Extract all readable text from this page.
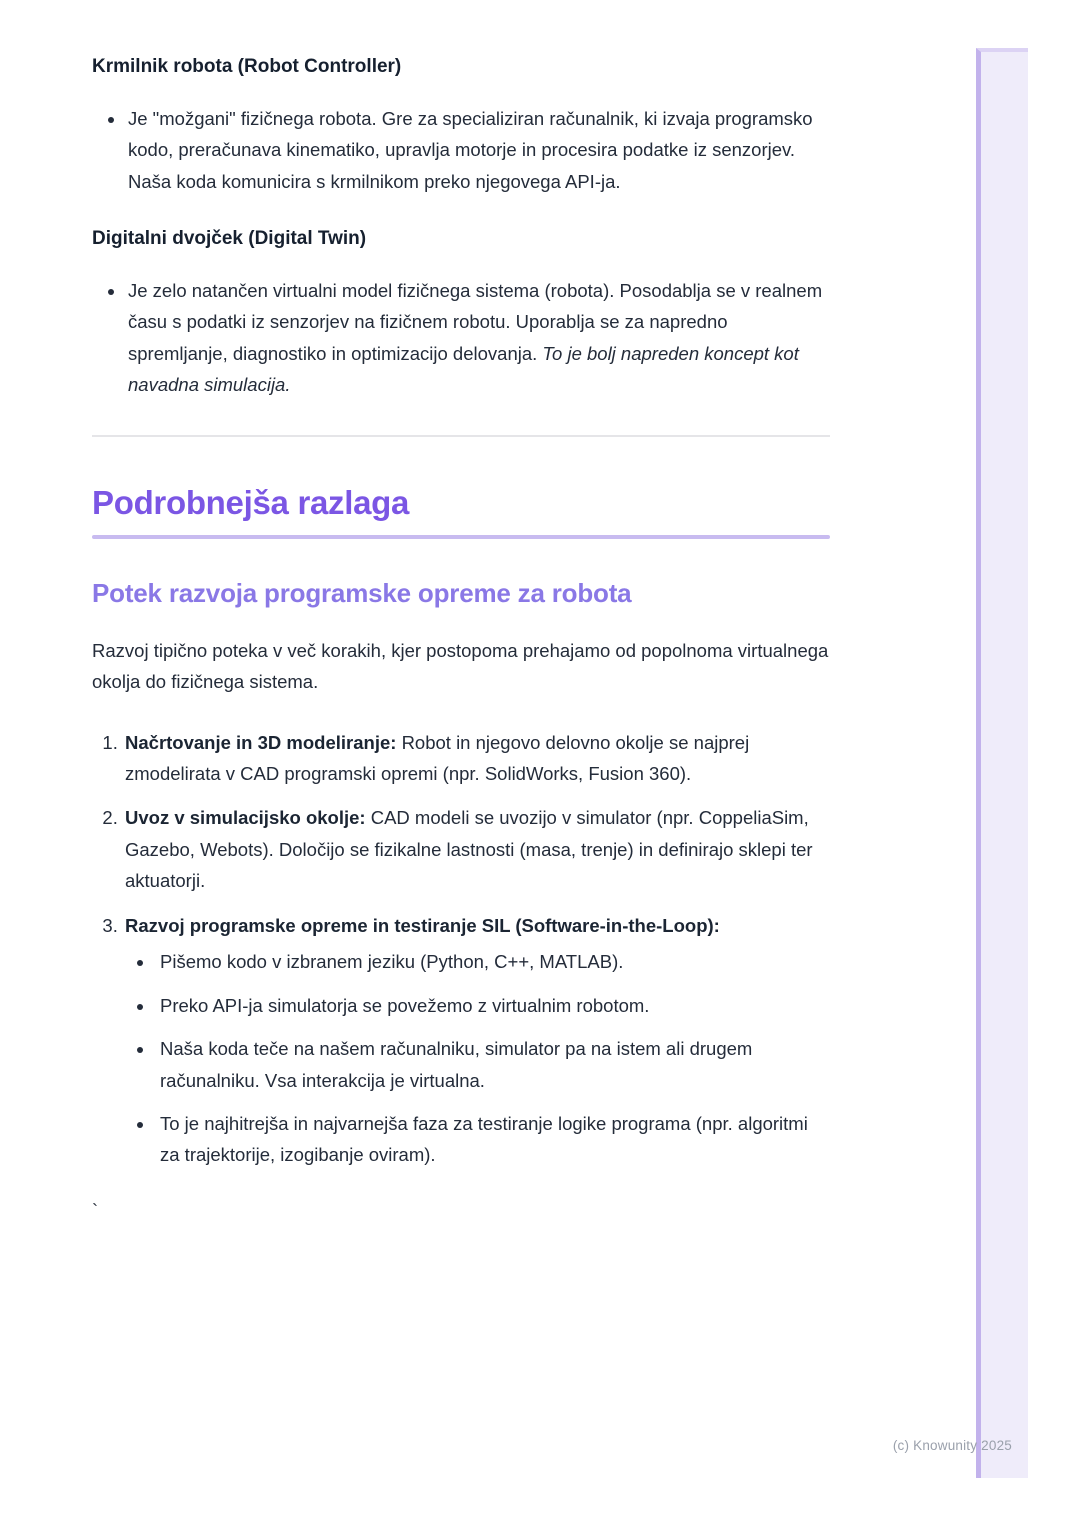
Krmilnik robota (Robot Controller)
• Je "možgani" fizičnega robota. Gre za specializiran računalnik, ki izvaja programsko kodo, preračunava kinematiko, upravlja motorje in procesira podatke iz senzorjev. Naša koda komunicira s krmilnikom preko njegovega API-ja.
Digitalni dvojček (Digital Twin)
• Je zelo natančen virtualni model fizičnega sistema (robota). Posodablja se v realnem času s podatki iz senzorjev na fizičnem robotu. Uporablja se za napredno spremljanje, diagnostiko in optimizacijo delovanja. To je bolj napreden koncept kot navadna simulacija.
Podrobnejša razlaga
Potek razvoja programske opreme za robota

Razvoj tipično poteka v več korakih, kjer postopoma prehajamo od popolnoma virtualnega okolja do fizičnega sistema.

1. Načrtovanje in 3D modeliranje: Robot in njegovo delovno okolje se najprej zmodelirata v CAD programski opremi (npr. SolidWorks, Fusion 360).
2. Uvoz v simulacijsko okolje: CAD modeli se uvozijo v simulator (npr. CoppeliaSim, Gazebo, Webots). Določijo se fizikalne lastnosti (masa, trenje) in definirajo sklepi ter aktuatorji.
3. Razvoj programske opreme in testiranje SIL (Software-in-the-Loop):
• Pišemo kodo v izbranem jeziku (Python, C++, MATLAB).
• Preko API-ja simulatorja se povežemo z virtualnim robotom.
• Naša koda teče na našem računalniku, simulator pa na istem ali drugem računalniku. Vsa interakcija je virtualna.
• To je najhitrejša in najvarnejša faza za testiranje logike programa (npr. algoritmi za trajektorije, izogibanje oviram).
`
(c) Knowunity 2025
